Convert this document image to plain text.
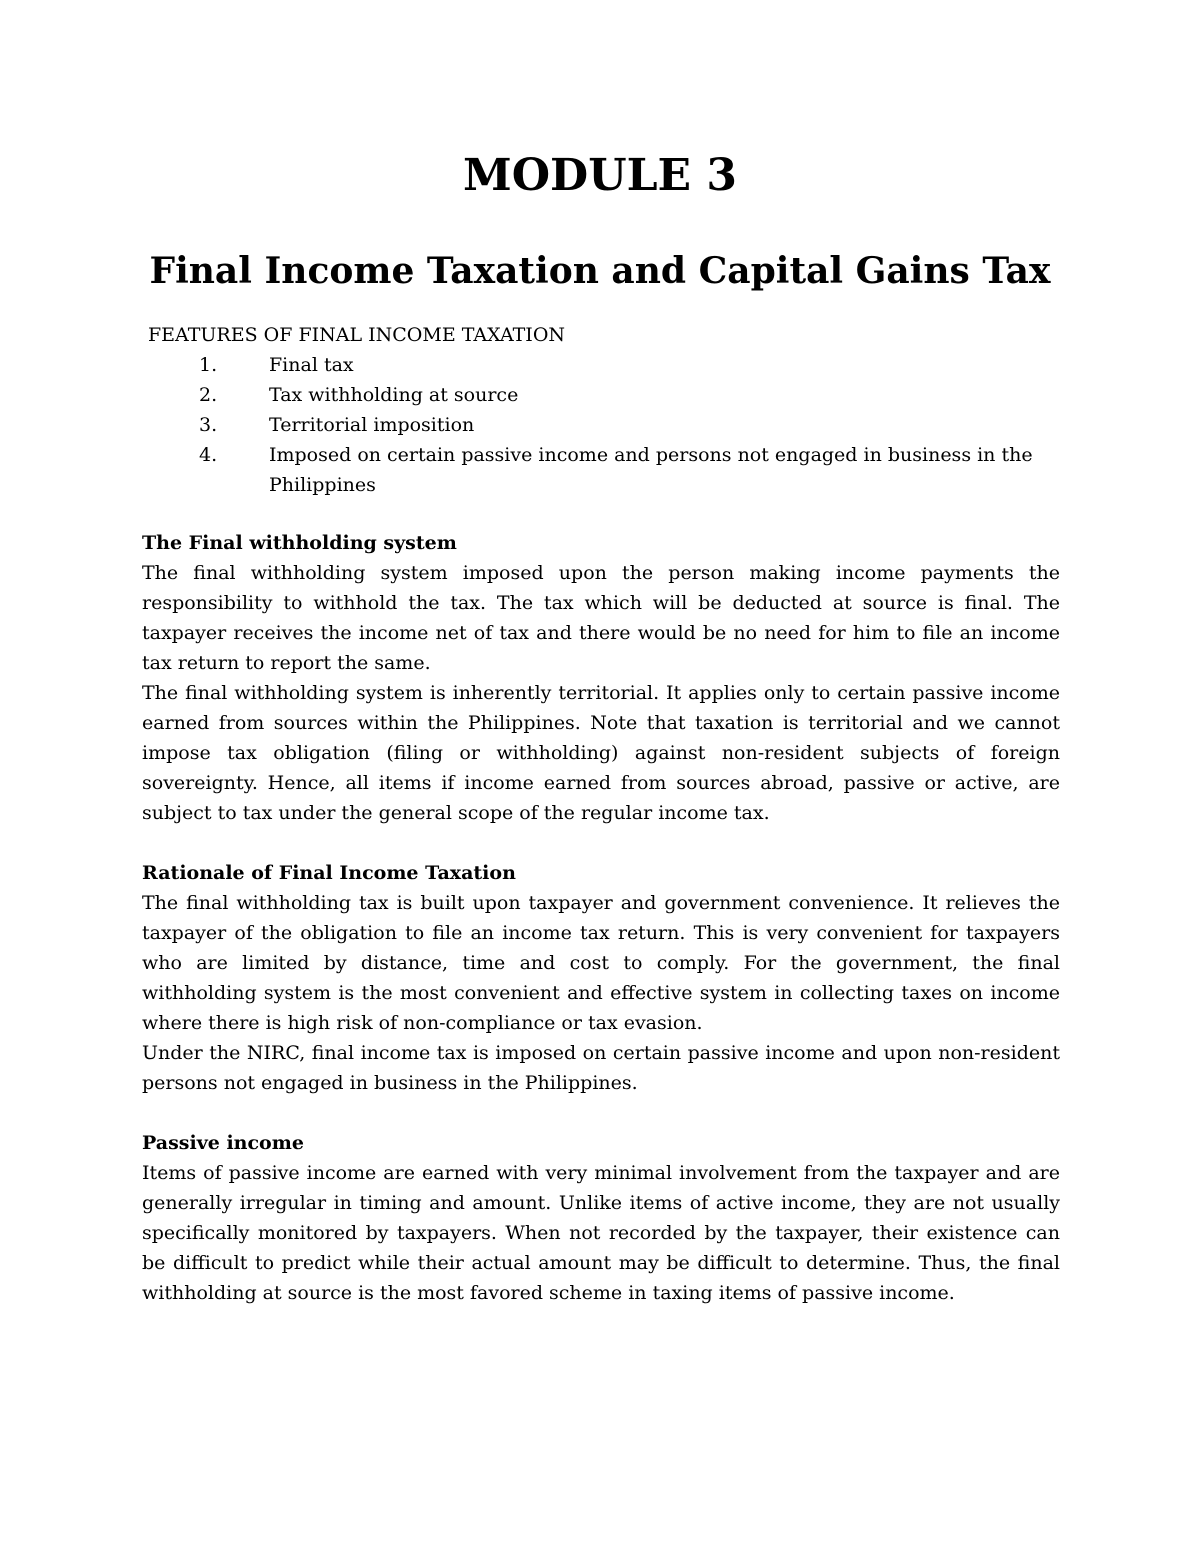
MODULE 3
Final Income Taxation and Capital Gains Tax
FEATURES OF FINAL INCOME TAXATION
1.	Final tax
2.	Tax withholding at source
3.	Territorial imposition
4.	Imposed on certain passive income and persons not engaged in business in the Philippines
The Final withholding system

The final withholding system imposed upon the person making income payments the responsibility to withhold the tax. The tax which will be deducted at source is final. The taxpayer receives the income net of tax and there would be no need for him to file an income tax return to report the same.

The final withholding system is inherently territorial. It applies only to certain passive income earned from sources within the Philippines. Note that taxation is territorial and we cannot impose tax obligation (filing or withholding) against non-resident subjects of foreign sovereignty. Hence, all items if income earned from sources abroad, passive or active, are subject to tax under the general scope of the regular income tax.

Rationale of Final Income Taxation

The final withholding tax is built upon taxpayer and government convenience. It relieves the taxpayer of the obligation to file an income tax return. This is very convenient for taxpayers who are limited by distance, time and cost to comply. For the government, the final withholding system is the most convenient and effective system in collecting taxes on income where there is high risk of non-compliance or tax evasion.

Under the NIRC, final income tax is imposed on certain passive income and upon non-resident persons not engaged in business in the Philippines.

Passive income

Items of passive income are earned with very minimal involvement from the taxpayer and are generally irregular in timing and amount. Unlike items of active income, they are not usually specifically monitored by taxpayers. When not recorded by the taxpayer, their existence can be difficult to predict while their actual amount may be difficult to determine. Thus, the final withholding at source is the most favored scheme in taxing items of passive income.
